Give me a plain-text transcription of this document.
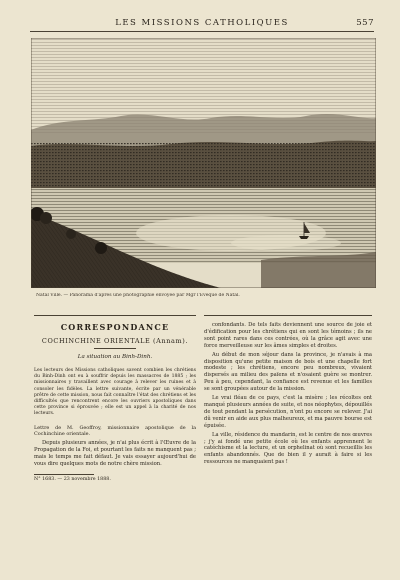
LES MISSIONS CATHOLIQUES	557
Natal Ville. — Panorama d'après une photographie envoyée par Mgr l'Évêque de Natal.
CORRESPONDANCE
COCHINCHINE ORIENTALE (Annam).
La situation au Binh-Dinh.

Les lecteurs des Missions catholiques savent combien les chrétiens du Binh-Dinh ont eu à souffrir depuis les massacres de 1885 ; les missionnaires y travaillent avec courage à relever les ruines et à consoler les fidèles. La lettre suivante, écrite par un vénérable prêtre de cette mission, nous fait connaître l'état des chrétiens et les difficultés que rencontrent encore les ouvriers apostoliques dans cette province si éprouvée ; elle est un appel à la charité de nos lecteurs.

Lettre de M. Geoffroy, missionnaire apostolique de la Cochinchine orientale.

Depuis plusieurs années, je n'ai plus écrit à l'Œuvre de la Propagation de la Foi, et pourtant les faits ne manquent pas ; mais le temps me fait défaut. Je vais essayer aujourd'hui de vous dire quelques mots de notre chère mission.

N° 1683. — 23 novembre 1888.

confondants. De tels faits deviennent une source de joie et d'édification pour les chrétiens qui en sont les témoins ; ils ne sont point rares dans ces contrées, où la grâce agit avec une force merveilleuse sur les âmes simples et droites.

Au début de mon séjour dans la province, je n'avais à ma disposition qu'une petite maison de bois et une chapelle fort modeste ; les chrétiens, encore peu nombreux, vivaient dispersés au milieu des païens et n'osaient guère se montrer. Peu à peu, cependant, la confiance est revenue et les familles se sont groupées autour de la mission.

Le vrai fléau de ce pays, c'est la misère ; les récoltes ont manqué plusieurs années de suite, et nos néophytes, dépouillés de tout pendant la persécution, n'ont pu encore se relever. J'ai dû venir en aide aux plus malheureux, et ma pauvre bourse est épuisée.

La ville, résidence du mandarin, est le centre de nos œuvres ; j'y ai fondé une petite école où les enfants apprennent le catéchisme et la lecture, et un orphelinat où sont recueillis les enfants abandonnés. Que de bien il y aurait à faire si les ressources ne manquaient pas !
